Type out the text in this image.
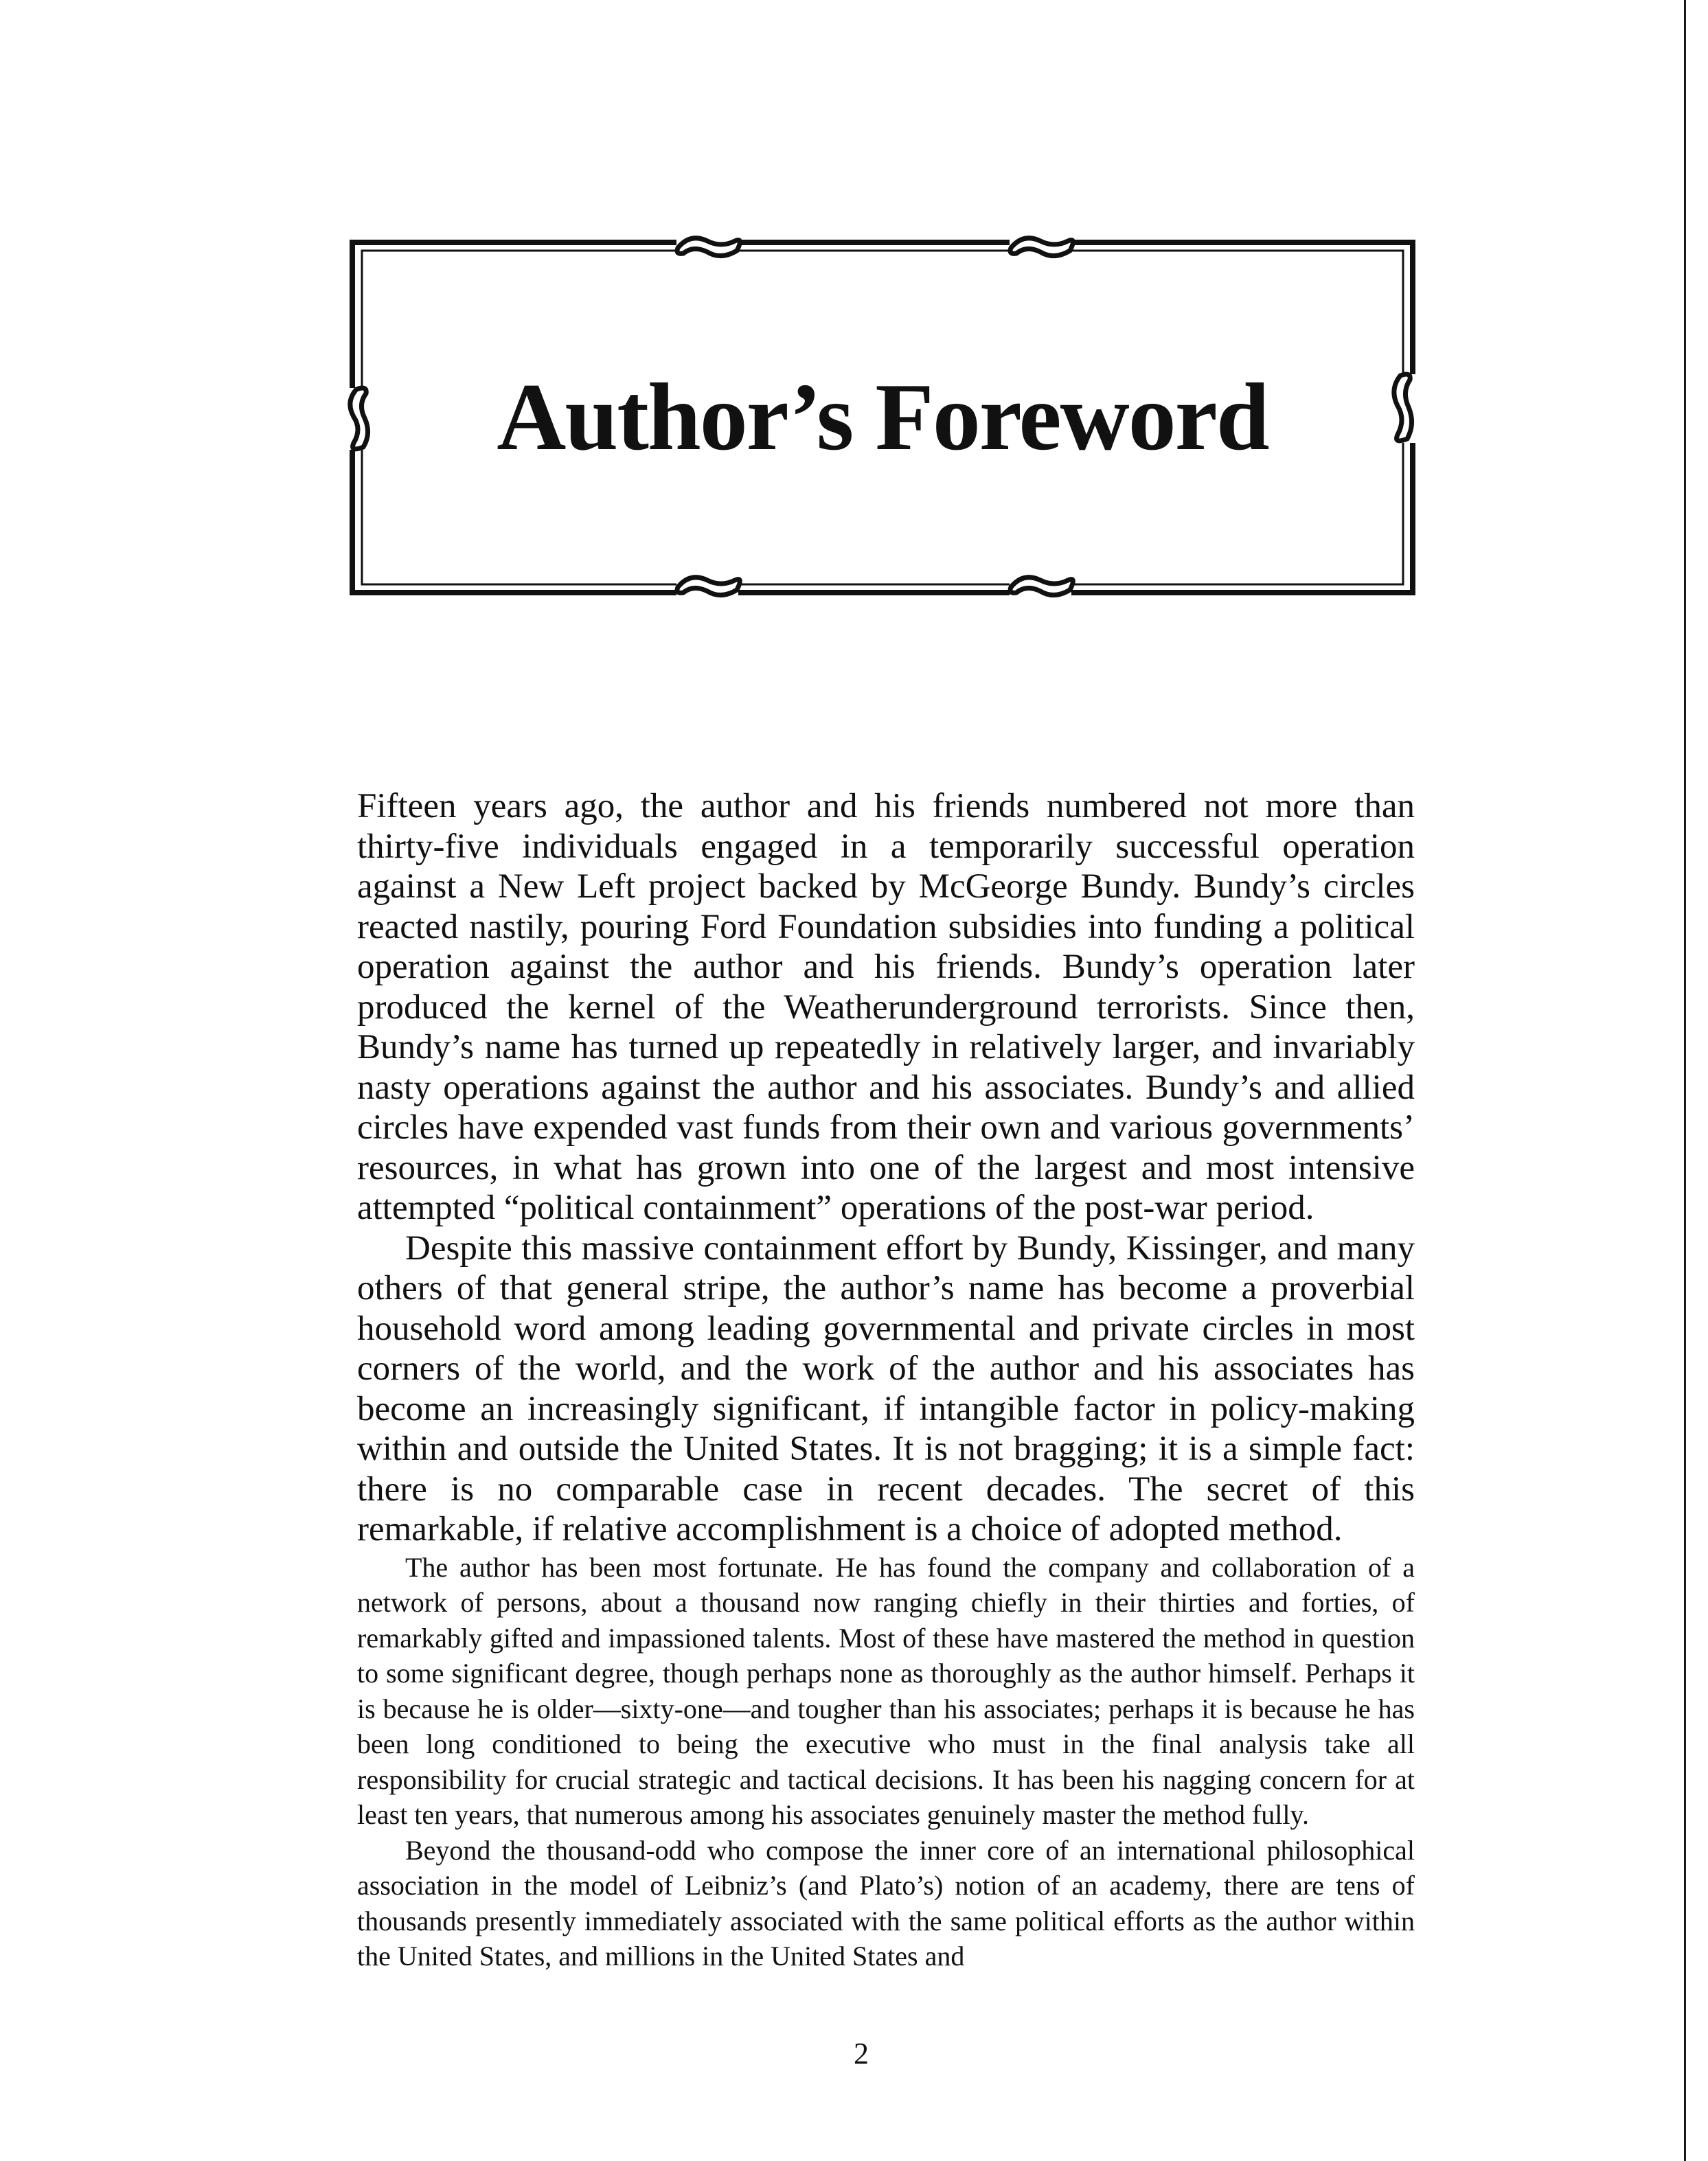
Author’s Foreword

Fifteen years ago, the author and his friends numbered not more than thirty-five individuals engaged in a temporarily successful operation against a New Left project backed by McGeorge Bundy. Bundy’s circles reacted nastily, pouring Ford Foundation subsidies into funding a political operation against the author and his friends. Bundy’s operation later produced the kernel of the Weatherunderground terrorists. Since then, Bundy’s name has turned up repeatedly in relatively larger, and invariably nasty operations against the author and his associates. Bundy’s and allied circles have expended vast funds from their own and various governments’ resources, in what has grown into one of the largest and most intensive attempted “political containment” operations of the post-war period.

Despite this massive containment effort by Bundy, Kissinger, and many others of that general stripe, the author’s name has become a proverbial household word among leading governmental and private circles in most corners of the world, and the work of the author and his associates has become an increasingly significant, if intangible factor in policy-making within and outside the United States. It is not bragging; it is a simple fact: there is no comparable case in recent decades. The secret of this remarkable, if relative accomplishment is a choice of adopted method.

The author has been most fortunate. He has found the company and collaboration of a network of persons, about a thousand now ranging chiefly in their thirties and forties, of remarkably gifted and impassioned talents. Most of these have mastered the method in question to some significant degree, though perhaps none as thoroughly as the author himself. Perhaps it is because he is older—sixty-one—and tougher than his associates; perhaps it is because he has been long conditioned to being the executive who must in the final analysis take all responsibility for crucial strategic and tactical decisions. It has been his nagging concern for at least ten years, that numerous among his associates genuinely master the method fully.

Beyond the thousand-odd who compose the inner core of an international philosophical association in the model of Leibniz’s (and Plato’s) notion of an academy, there are tens of thousands presently immediately associated with the same political efforts as the author within the United States, and millions in the United States and

2
